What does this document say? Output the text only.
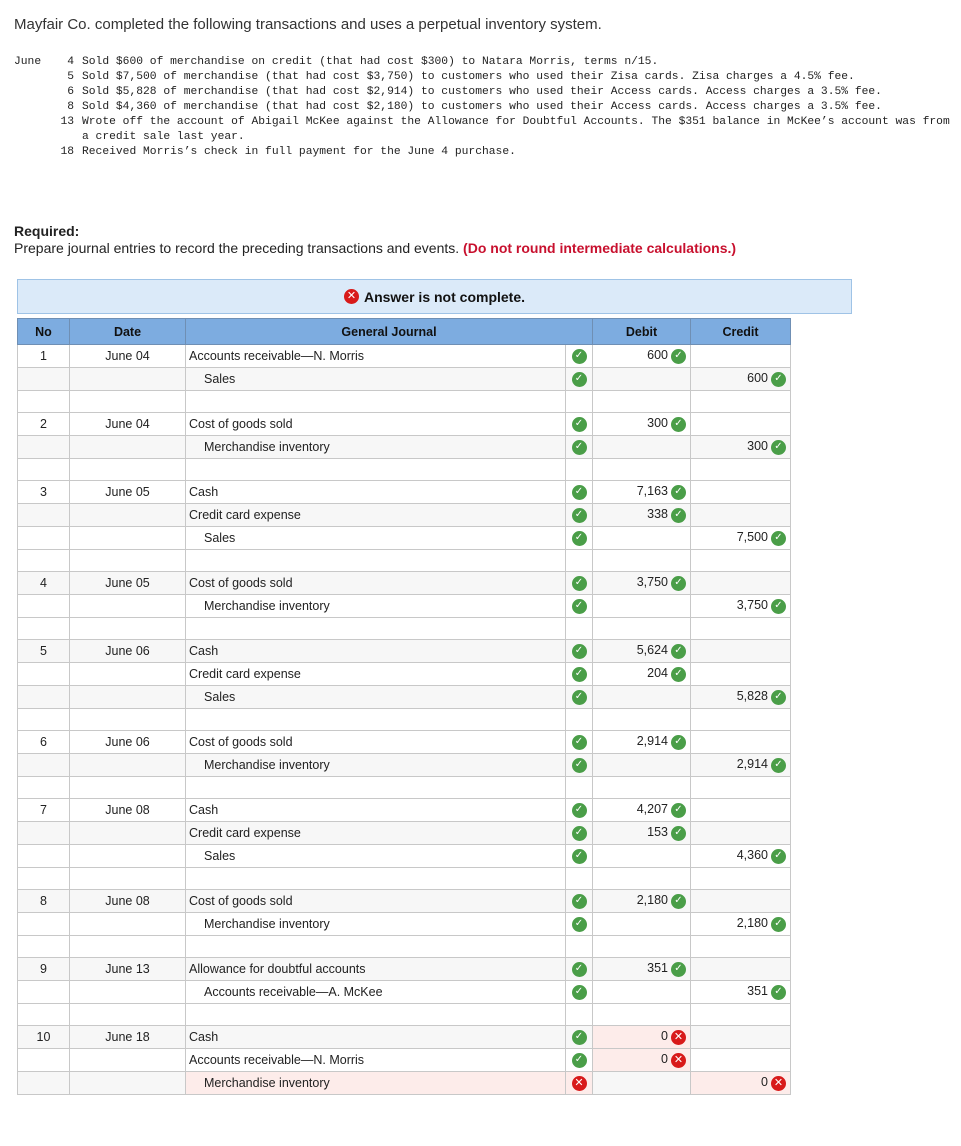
Mayfair Co. completed the following transactions and uses a perpetual inventory system.
June	4 Sold $600 of merchandise on credit (that had cost $300) to Natara Morris, terms n/15.
5 Sold $7,500 of merchandise (that had cost $3,750) to customers who used their Zisa cards. Zisa charges a 4.5% fee.
6 Sold $5,828 of merchandise (that had cost $2,914) to customers who used their Access cards. Access charges a 3.5% fee.
8 Sold $4,360 of merchandise (that had cost $2,180) to customers who used their Access cards. Access charges a 3.5% fee.
13 Wrote off the account of Abigail McKee against the Allowance for Doubtful Accounts. The $351 balance in McKee’s account was from a credit sale last year.
18 Received Morris’s check in full payment for the June 4 purchase.
Required:
Prepare journal entries to record the preceding transactions and events. (Do not round intermediate calculations.)
✕ Answer is not complete.
No	Date	General Journal		Debit	Credit
1	June 04	Accounts receivable—N. Morris	✓	600 ✓	
		Sales	✓		600 ✓

2	June 04	Cost of goods sold	✓	300 ✓	
		Merchandise inventory	✓		300 ✓

3	June 05	Cash	✓	7,163 ✓	
		Credit card expense	✓	338 ✓	
		Sales	✓		7,500 ✓

4	June 05	Cost of goods sold	✓	3,750 ✓	
		Merchandise inventory	✓		3,750 ✓

5	June 06	Cash	✓	5,624 ✓	
		Credit card expense	✓	204 ✓	
		Sales	✓		5,828 ✓

6	June 06	Cost of goods sold	✓	2,914 ✓	
		Merchandise inventory	✓		2,914 ✓

7	June 08	Cash	✓	4,207 ✓	
		Credit card expense	✓	153 ✓	
		Sales	✓		4,360 ✓

8	June 08	Cost of goods sold	✓	2,180 ✓	
		Merchandise inventory	✓		2,180 ✓

9	June 13	Allowance for doubtful accounts	✓	351 ✓	
		Accounts receivable—A. McKee	✓		351 ✓

10	June 18	Cash	✓	0 ✕	
		Accounts receivable—N. Morris	✓	0 ✕	
		Merchandise inventory	✕		0 ✕
